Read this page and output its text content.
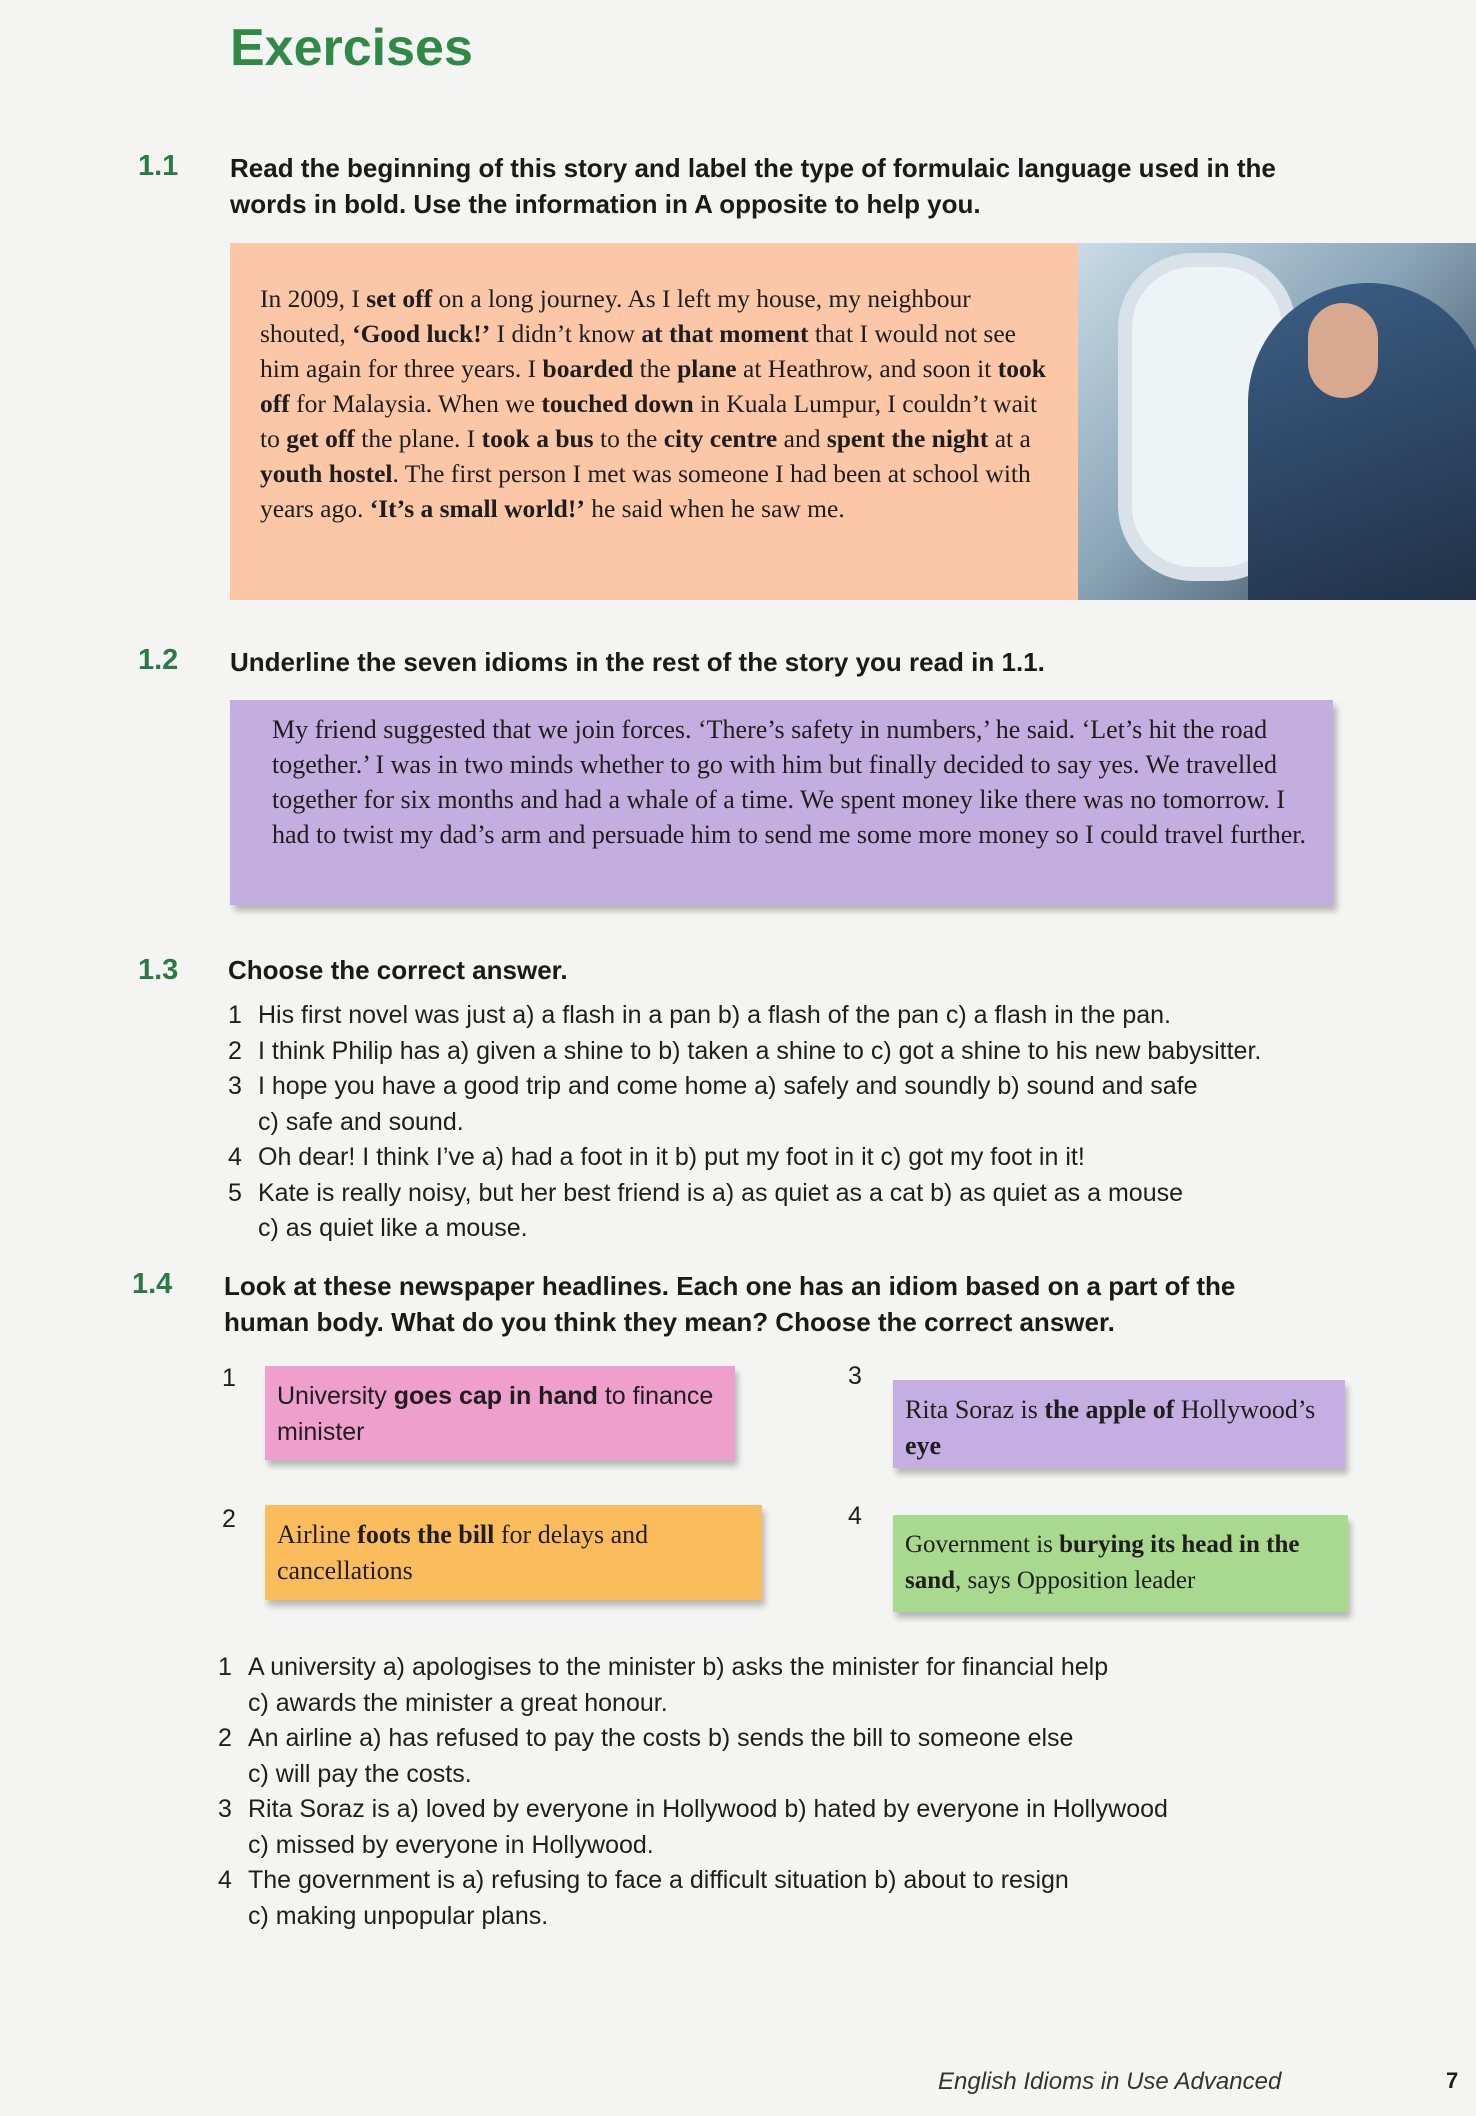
Exercises
1.1 Read the beginning of this story and label the type of formulaic language used in the words in bold. Use the information in A opposite to help you.
In 2009, I set off on a long journey. As I left my house, my neighbour shouted, ‘Good luck!’ I didn’t know at that moment that I would not see him again for three years. I boarded the plane at Heathrow, and soon it took off for Malaysia. When we touched down in Kuala Lumpur, I couldn’t wait to get off the plane. I took a bus to the city centre and spent the night at a youth hostel. The first person I met was someone I had been at school with years ago. ‘It’s a small world!’ he said when he saw me.
1.2 Underline the seven idioms in the rest of the story you read in 1.1.
My friend suggested that we join forces. ‘There’s safety in numbers,’ he said. ‘Let’s hit the road together.’ I was in two minds whether to go with him but finally decided to say yes. We travelled together for six months and had a whale of a time. We spent money like there was no tomorrow. I had to twist my dad’s arm and persuade him to send me some more money so I could travel further.
1.3 Choose the correct answer.
1 His first novel was just a) a flash in a pan b) a flash of the pan c) a flash in the pan.
2 I think Philip has a) given a shine to b) taken a shine to c) got a shine to his new babysitter.
3 I hope you have a good trip and come home a) safely and soundly b) sound and safe
c) safe and sound.
4 Oh dear! I think I’ve a) had a foot in it b) put my foot in it c) got my foot in it!
5 Kate is really noisy, but her best friend is a) as quiet as a cat b) as quiet as a mouse
c) as quiet like a mouse.
1.4 Look at these newspaper headlines. Each one has an idiom based on a part of the human body. What do you think they mean? Choose the correct answer.
1
University goes cap in hand to finance minister
2
Airline foots the bill for delays and cancellations
3
Rita Soraz is the apple of Hollywood’s eye
4
Government is burying its head in the sand, says Opposition leader
1 A university a) apologises to the minister b) asks the minister for financial help
c) awards the minister a great honour.
2 An airline a) has refused to pay the costs b) sends the bill to someone else
c) will pay the costs.
3 Rita Soraz is a) loved by everyone in Hollywood b) hated by everyone in Hollywood
c) missed by everyone in Hollywood.
4 The government is a) refusing to face a difficult situation b) about to resign
c) making unpopular plans.
English Idioms in Use Advanced	7
